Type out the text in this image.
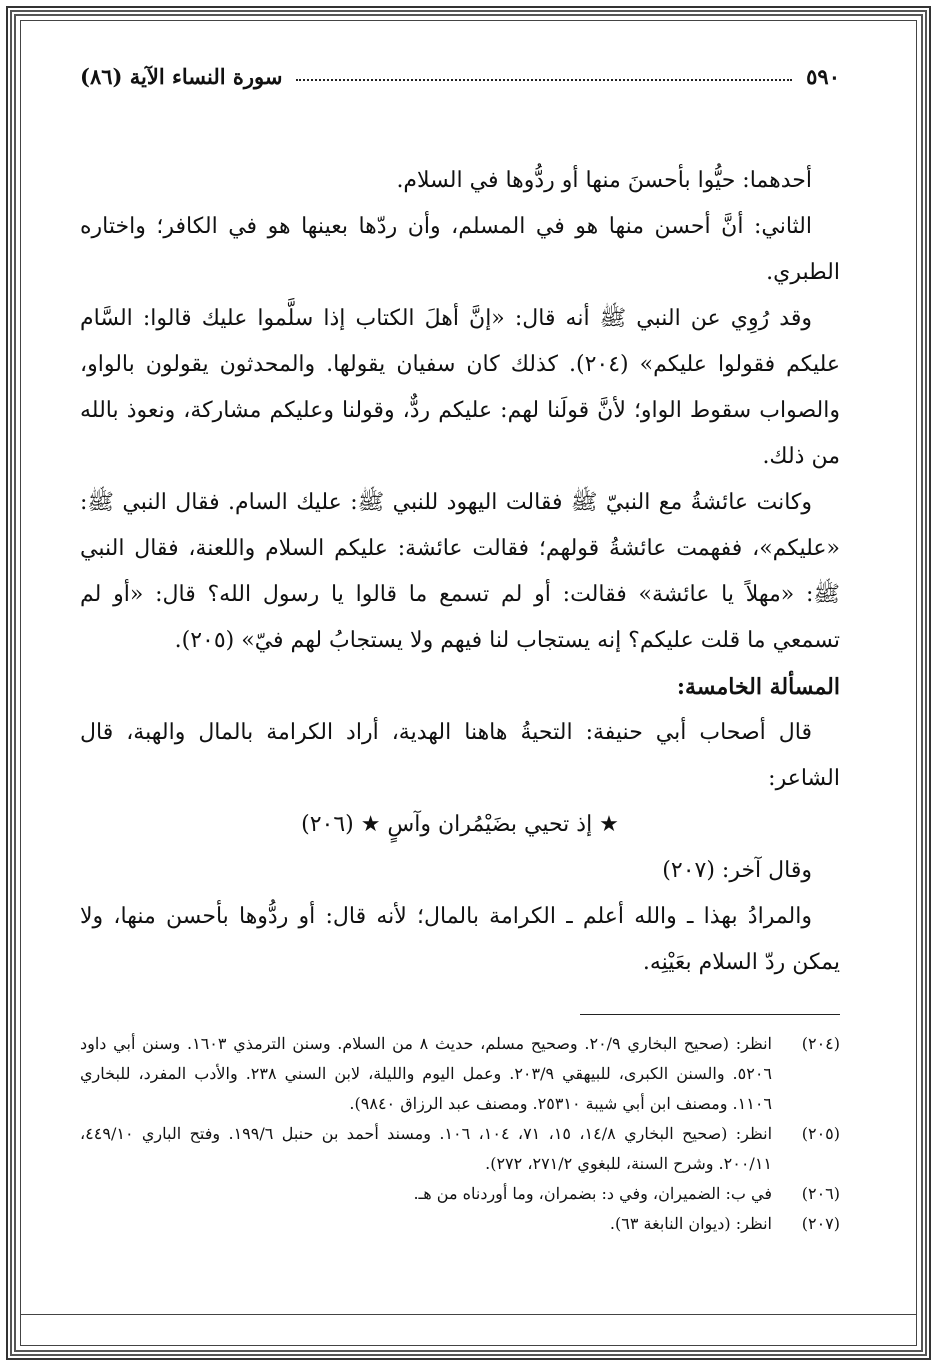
٥٩٠
سورة النساء الآية (٨٦)

أحدهما: حيُّوا بأحسنَ منها أو ردُّوها في السلام.

الثاني: أنَّ أحسن منها هو في المسلم، وأن ردّها بعينها هو في الكافر؛ واختاره الطبري.

وقد رُوِي عن النبي ﷺ أنه قال: «إنَّ أهلَ الكتاب إذا سلَّموا عليك قالوا: السَّام عليكم فقولوا عليكم» (٢٠٤). كذلك كان سفيان يقولها. والمحدثون يقولون بالواو، والصواب سقوط الواو؛ لأنَّ قولَنا لهم: عليكم ردٌّ، وقولنا وعليكم مشاركة، ونعوذ بالله من ذلك.

وكانت عائشةُ مع النبيّ ﷺ فقالت اليهود للنبي ﷺ: عليك السام. فقال النبي ﷺ: «عليكم»، ففهمت عائشةُ قولهم؛ فقالت عائشة: عليكم السلام واللعنة، فقال النبي ﷺ: «مهلاً يا عائشة» فقالت: أو لم تسمع ما قالوا يا رسول الله؟ قال: «أو لم تسمعي ما قلت عليكم؟ إنه يستجاب لنا فيهم ولا يستجابُ لهم فيّ» (٢٠٥).

المسألة الخامسة:

قال أصحاب أبي حنيفة: التحيةُ هاهنا الهدية، أراد الكرامة بالمال والهبة، قال الشاعر:

★ إذ تحيي بضَيْمُران وآسٍ ★ (٢٠٦)

وقال آخر: (٢٠٧)

والمرادُ بهذا ـ والله أعلم ـ الكرامة بالمال؛ لأنه قال: أو ردُّوها بأحسن منها، ولا يمكن ردّ السلام بعَيْنِه.

(٢٠٤)
انظر: (صحيح البخاري ٢٠/٩. وصحيح مسلم، حديث ٨ من السلام. وسنن الترمذي ١٦٠٣. وسنن أبي داود ٥٢٠٦. والسنن الكبرى، للبيهقي ٢٠٣/٩. وعمل اليوم والليلة، لابن السني ٢٣٨. والأدب المفرد، للبخاري ١١٠٦. ومصنف ابن أبي شيبة ٢٥٣١٠. ومصنف عبد الرزاق ٩٨٤٠).
(٢٠٥)
انظر: (صحيح البخاري ١٤/٨، ١٥، ٧١، ١٠٤، ١٠٦. ومسند أحمد بن حنبل ١٩٩/٦. وفتح الباري ٤٤٩/١٠، ٢٠٠/١١. وشرح السنة، للبغوي ٢٧١/٢، ٢٧٢).
(٢٠٦)
في ب: الضميران، وفي د: بضمران، وما أوردناه من هـ.
(٢٠٧)
انظر: (ديوان النابغة ٦٣).
